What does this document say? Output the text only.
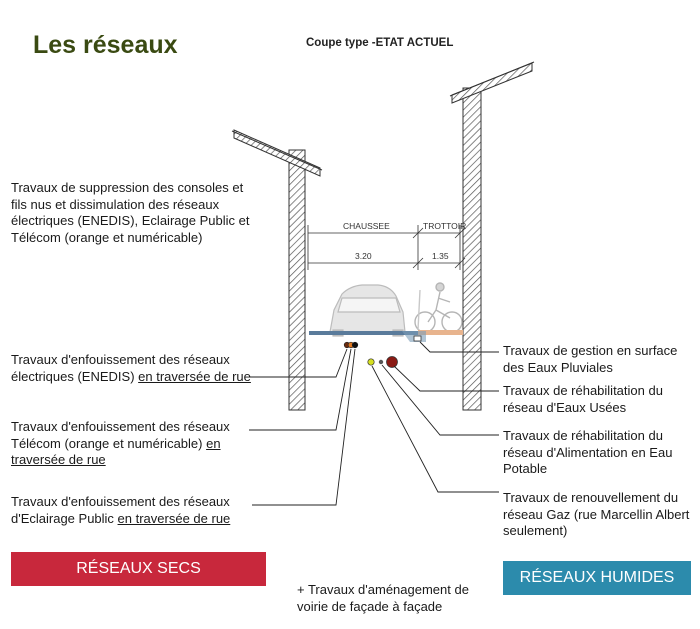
Les réseaux	Coupe type -ETAT ACTUEL
CHAUSSEE	TROTTOIR
3.20	1.35
Travaux de suppression des consoles et fils nus et dissimulation des réseaux électriques (ENEDIS), Eclairage Public et Télécom (orange et numéricable)
Travaux d'enfouissement des réseaux électriques (ENEDIS) en traversée de rue
Travaux d'enfouissement des réseaux Télécom (orange et numéricable) en traversée de rue
Travaux d'enfouissement des réseaux d'Eclairage Public en traversée de rue
Travaux de gestion en surface des Eaux Pluviales
Travaux de réhabilitation du réseau d'Eaux Usées
Travaux de réhabilitation du réseau d'Alimentation en Eau Potable
Travaux de renouvellement du réseau Gaz (rue Marcellin Albert seulement)
RÉSEAUX SECS
RÉSEAUX HUMIDES
+ Travaux d'aménagement de voirie de façade à façade
